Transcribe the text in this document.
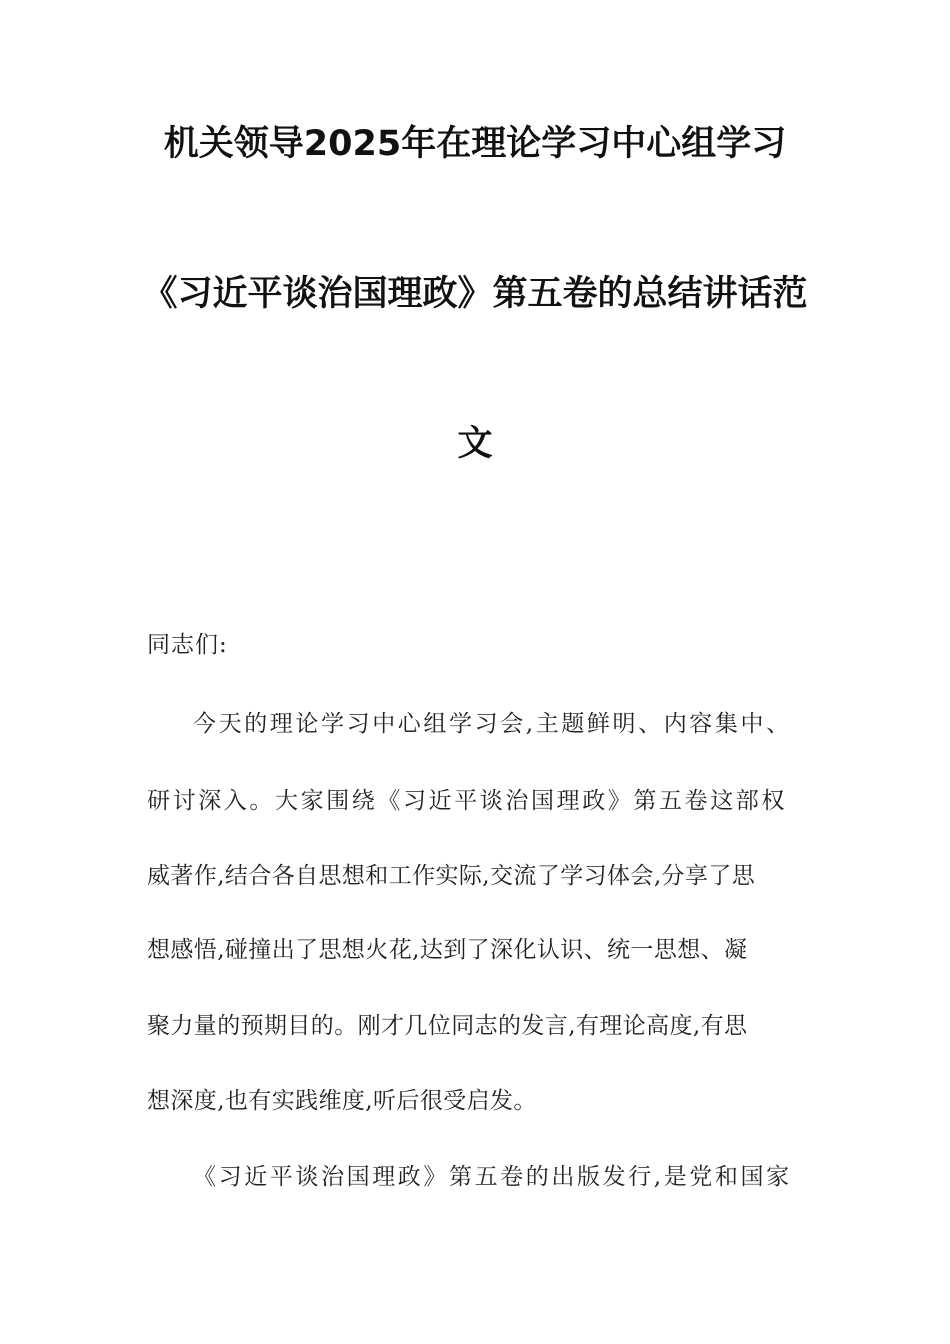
机关领导2025年在理论学习中心组学习
《习近平谈治国理政》第五卷的总结讲话范
文
同志们:
今天的理论学习中心组学习会,主题鲜明、内容集中、
研讨深入。大家围绕《习近平谈治国理政》第五卷这部权
威著作,结合各自思想和工作实际,交流了学习体会,分享了思
想感悟,碰撞出了思想火花,达到了深化认识、统一思想、凝
聚力量的预期目的。刚才几位同志的发言,有理论高度,有思
想深度,也有实践维度,听后很受启发。
《习近平谈治国理政》第五卷的出版发行,是党和国家
